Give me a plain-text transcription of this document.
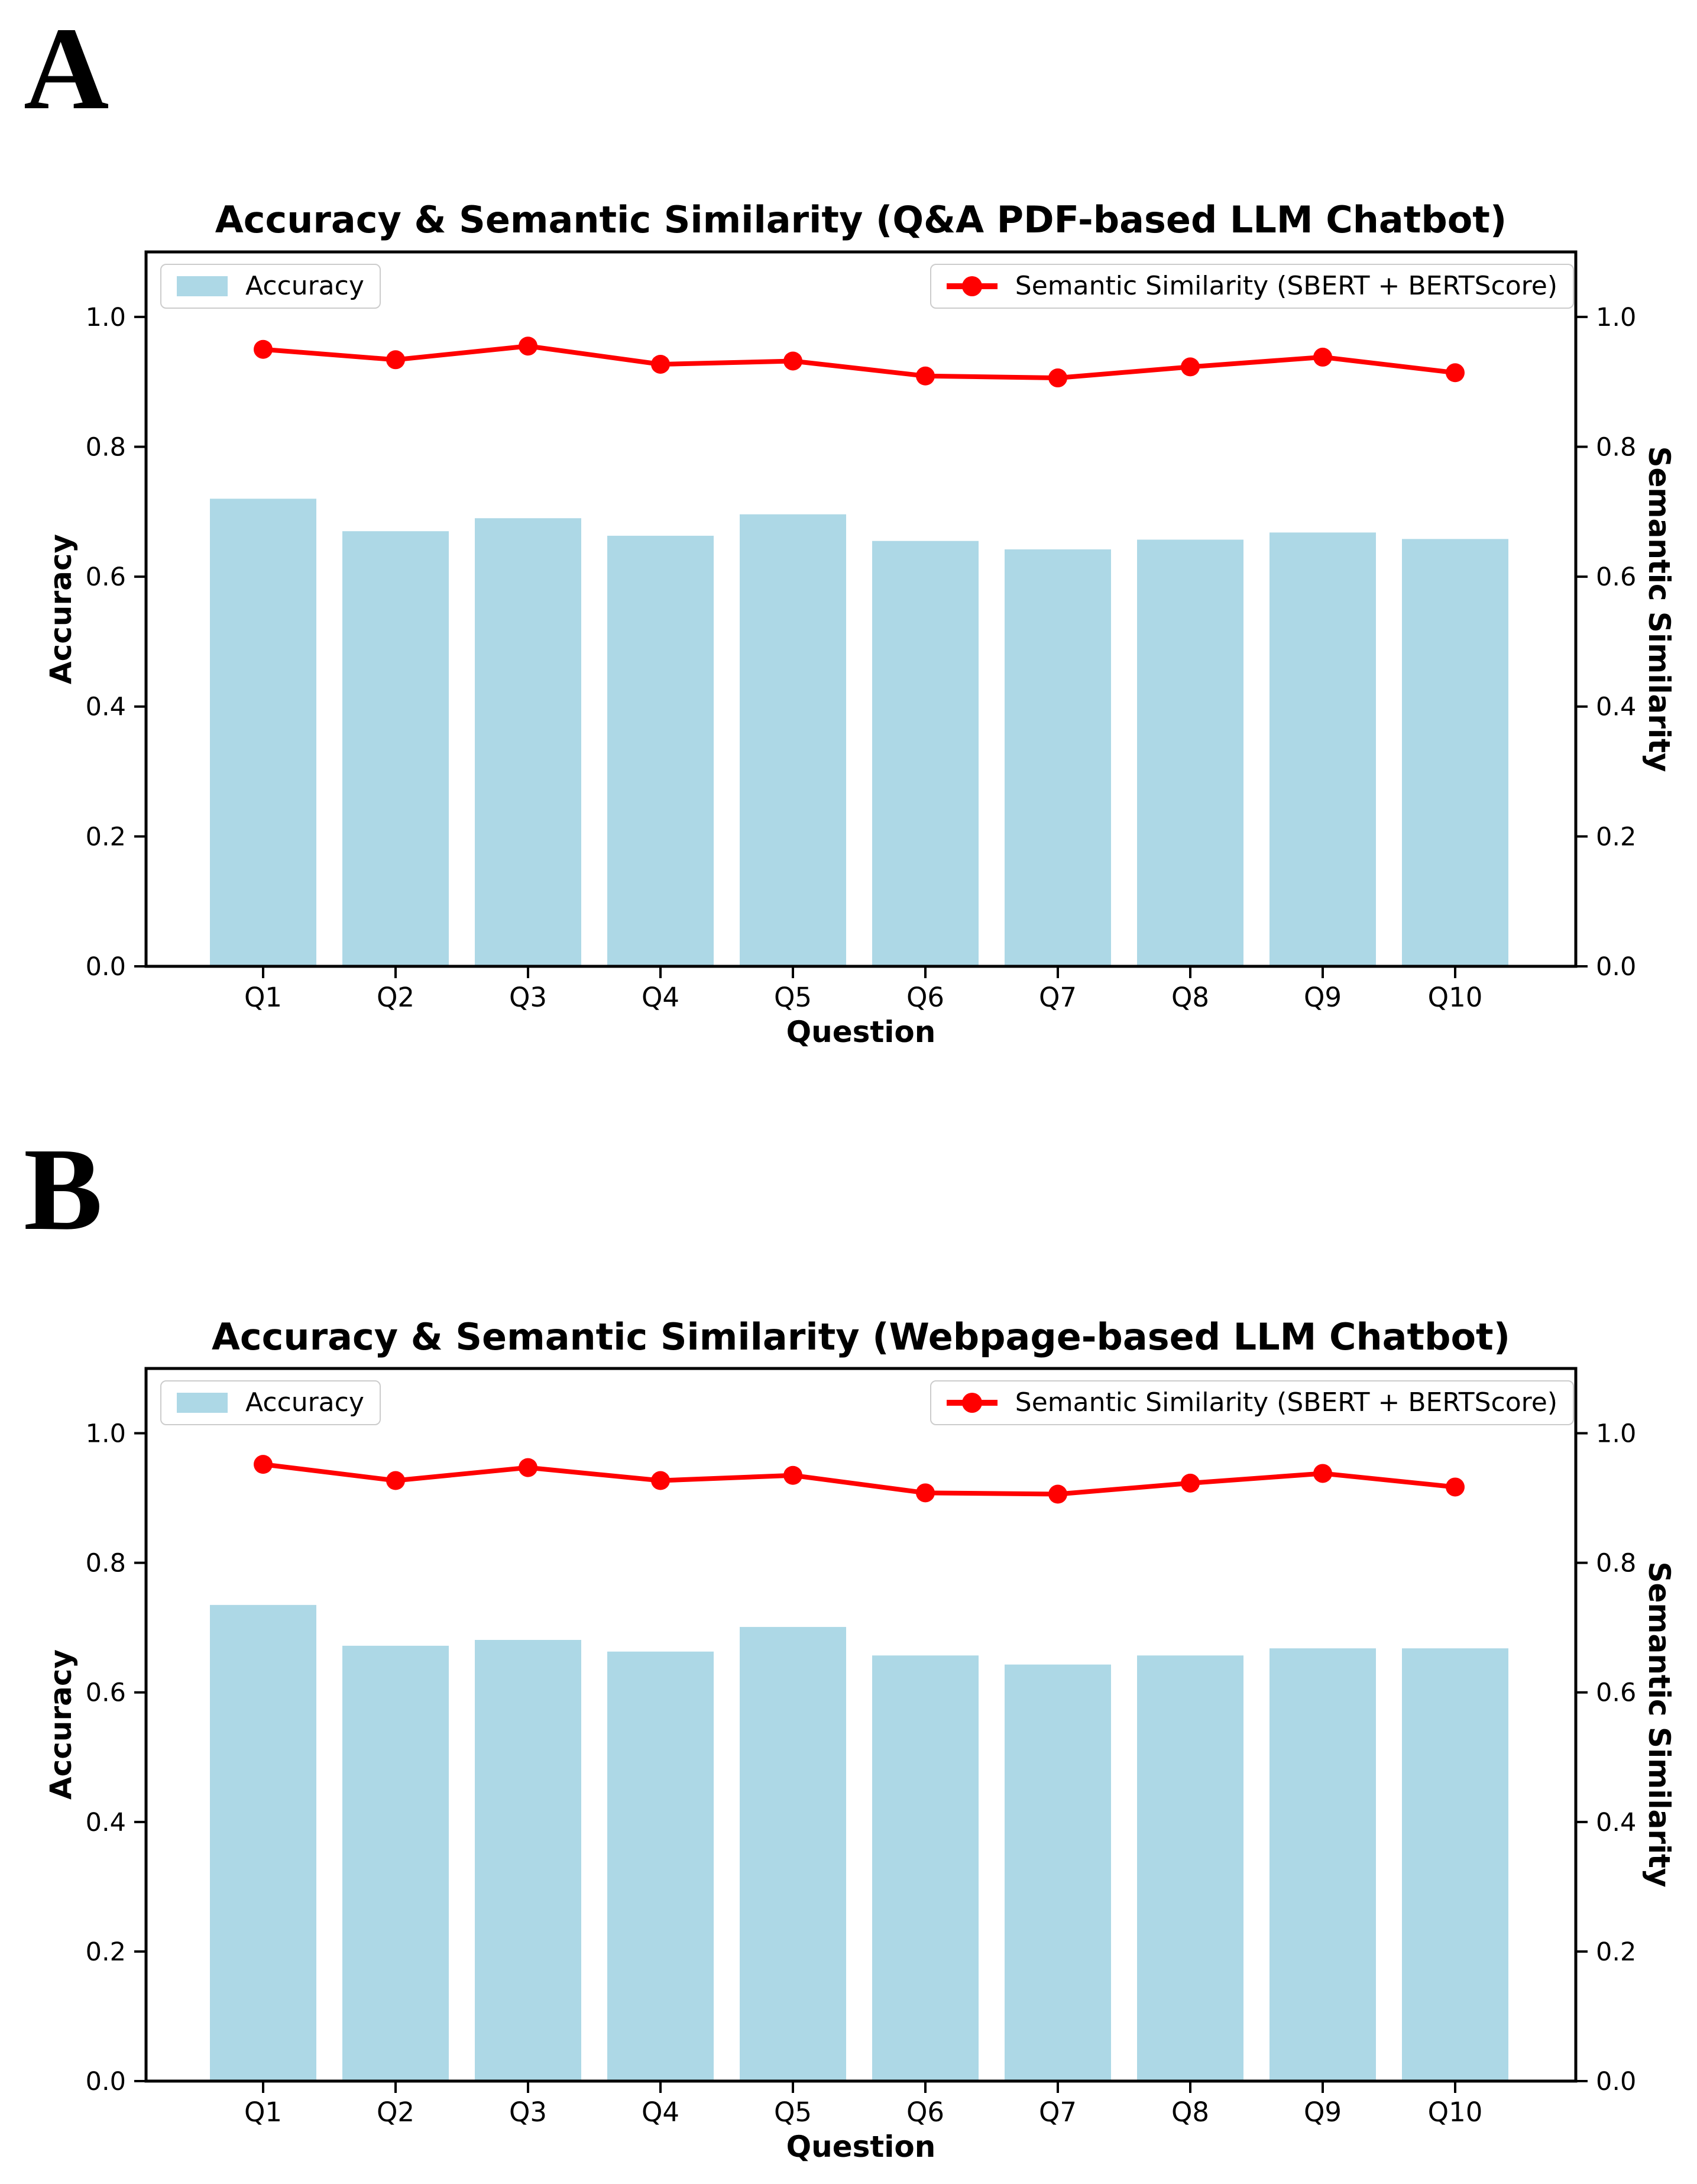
0.0	0.0
0.2	0.2
0.4	0.4
0.6	0.6
0.8	0.8
1.0	1.0
Q1	Q2	Q3	Q4	Q5	Q6	Q7	Q8	Q9	Q10
0.0	0.0
0.2	0.2
0.4	0.4
0.6	0.6
0.8	0.8
1.0	1.0
Q1	Q2	Q3	Q4	Q5	Q6	Q7	Q8	Q9	Q10
A
Accuracy & Semantic Similarity (Q&A PDF-based LLM Chatbot)
Accuracy	Semantic Similarity
Question
Accuracy	Semantic Similarity (SBERT + BERTScore)
B
Accuracy & Semantic Similarity (Webpage-based LLM Chatbot)
Accuracy	Semantic Similarity
Question
Accuracy	Semantic Similarity (SBERT + BERTScore)
